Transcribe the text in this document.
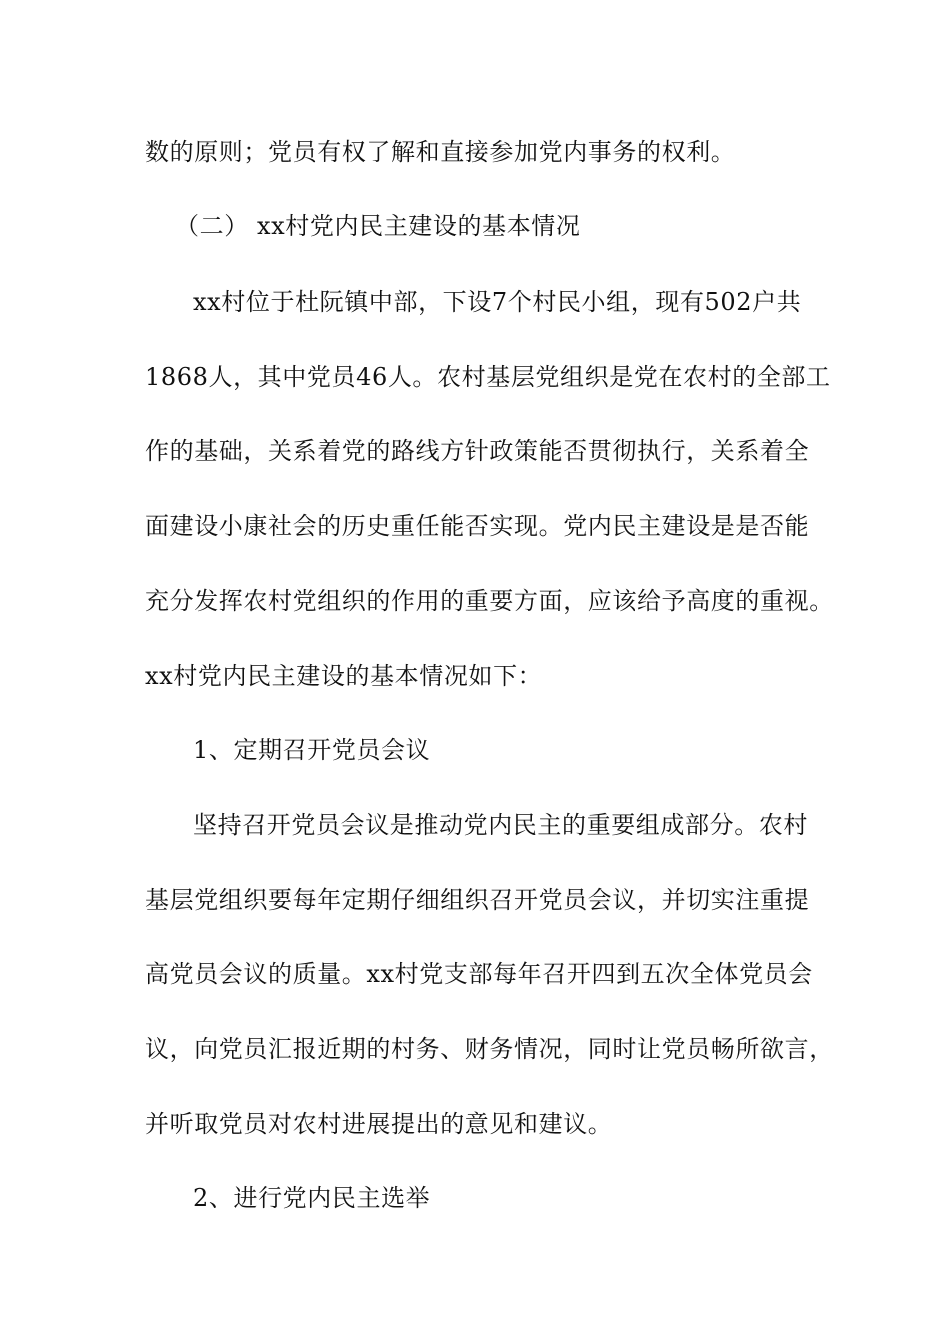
数的原则；党员有权了解和直接参加党内事务的权利。
（二） xx村党内民主建设的基本情况
xx村位于杜阮镇中部，下设7个村民小组，现有502户共
1868人，其中党员46人。农村基层党组织是党在农村的全部工
作的基础，关系着党的路线方针政策能否贯彻执行，关系着全
面建设小康社会的历史重任能否实现。党内民主建设是是否能
充分发挥农村党组织的作用的重要方面，应该给予高度的重视。
xx村党内民主建设的基本情况如下：
1、定期召开党员会议
坚持召开党员会议是推动党内民主的重要组成部分。农村
基层党组织要每年定期仔细组织召开党员会议，并切实注重提
高党员会议的质量。xx村党支部每年召开四到五次全体党员会
议，向党员汇报近期的村务、财务情况，同时让党员畅所欲言，
并听取党员对农村进展提出的意见和建议。
2、进行党内民主选举
